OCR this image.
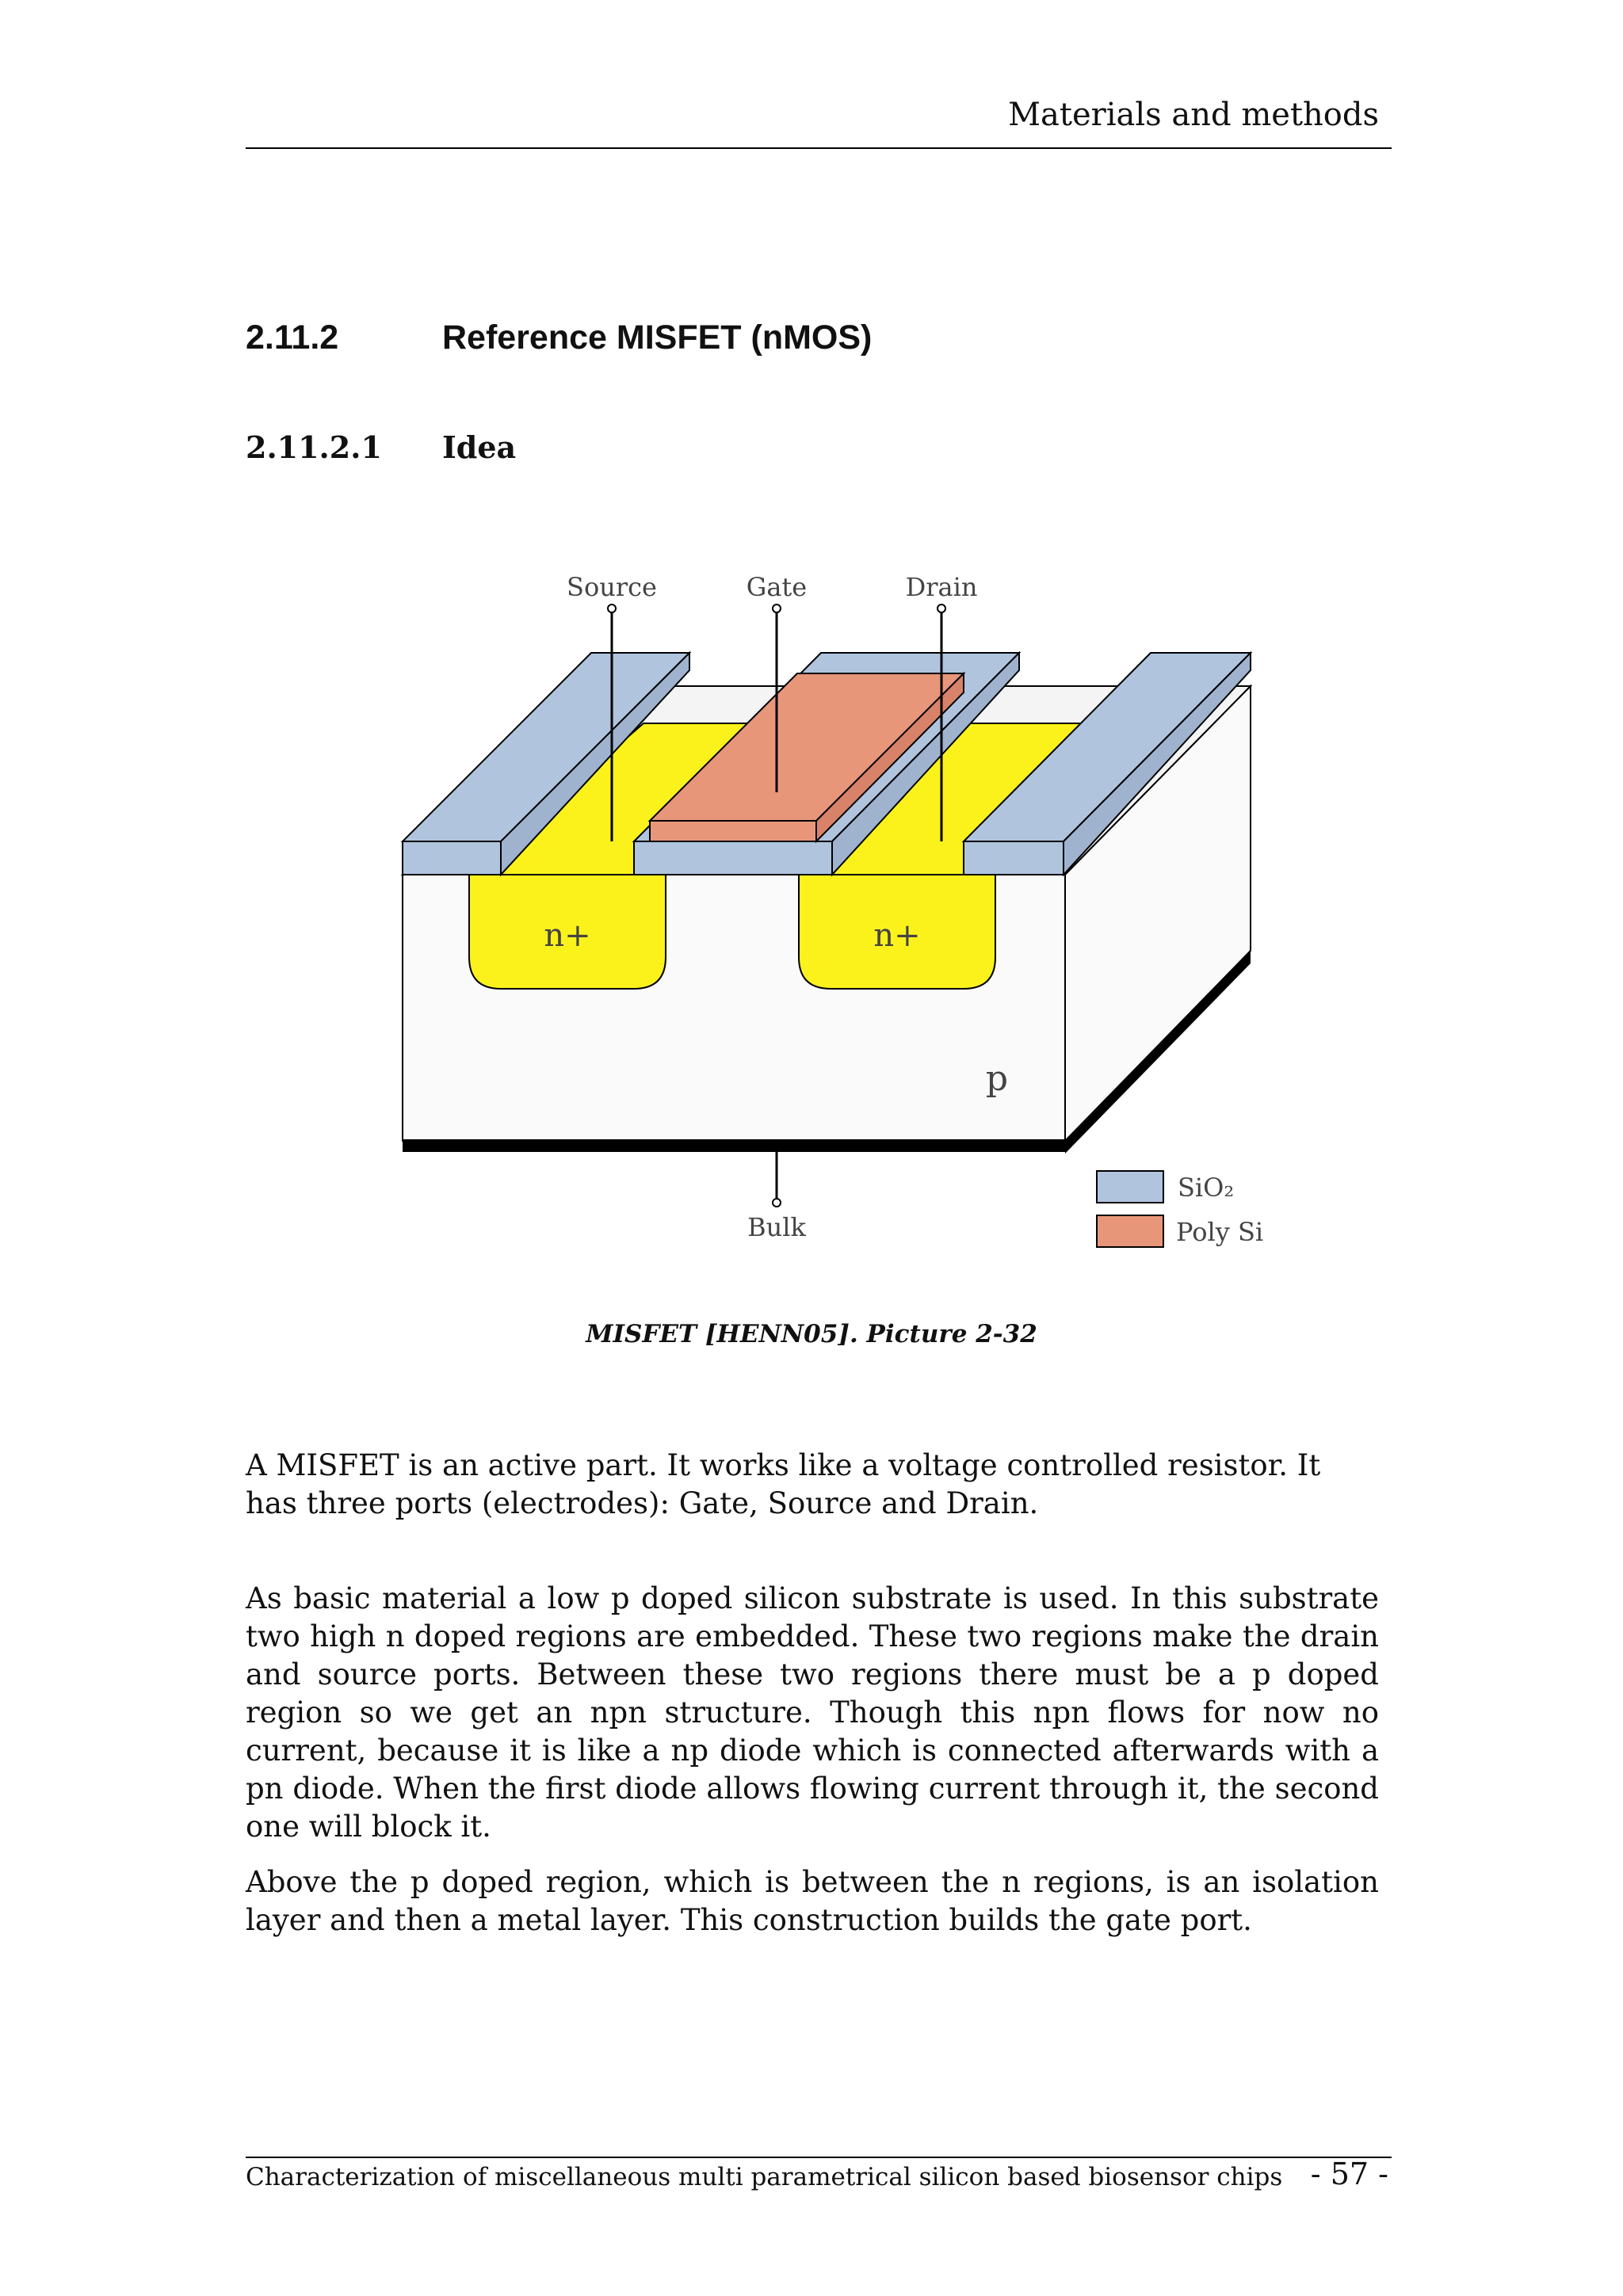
Materials and methods
2.11.2	Reference MISFET (nMOS)
2.11.2.1 Idea
n+	n+
p
Source	Gate	Drain
Bulk
SiO₂
Poly Si
MISFET [HENN05]. Picture 2-32

A MISFET is an active part. It works like a voltage controlled resistor. It has three ports (electrodes): Gate, Source and Drain.

As basic material a low p doped silicon substrate is used. In this substrate two high n doped regions are embedded. These two regions make the drain and source ports. Between these two regions there must be a p doped region so we get an npn structure. Though this npn flows for now no current, because it is like a np diode which is connected afterwards with a pn diode. When the first diode allows flowing current through it, the second one will block it.

Above the p doped region, which is between the n regions, is an isolation layer and then a metal layer. This construction builds the gate port.

Characterization of miscellaneous multi parametrical silicon based biosensor chips - 57 -
